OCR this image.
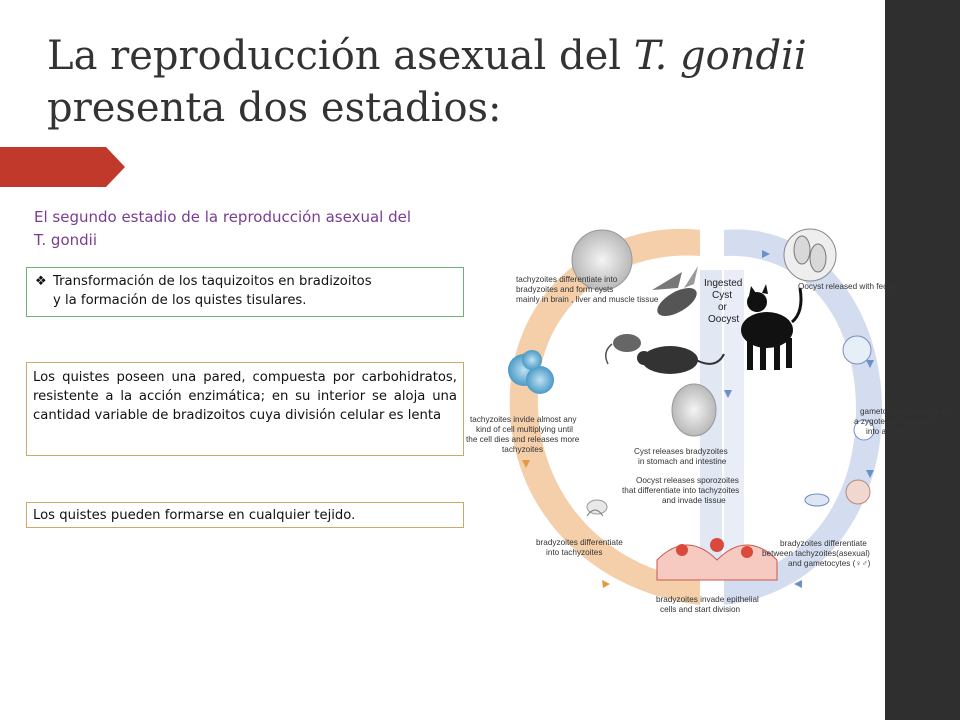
La reproducción asexual del T. gondii
presenta dos estadios:
El segundo estadio de la reproducción asexual del
T. gondii
❖ Transformación de los taquizoitos en bradizoitos
y la formación de los quistes tisulares.
Los quistes poseen una pared, compuesta por carbohidratos, resistente a la acción enzimática; en su interior se aloja una cantidad variable de bradizoitos cuya división celular es lenta
Los quistes pueden formarse en cualquier tejido.
tachyzoites differentiate into bradyzoites and form cysts mainly in brain , liver and muscle tissue
tachyzoites invide almost any kind of cell multiplying until the cell dies and releases more tachyzoites
bradyzoites differentiate into tachyzoites
Ingested Cyst or Oocyst
Cyst releases bradyzoites in stomach and intestine
Oocyst releases sporozoites that differentiate into tachyzoites and invade tissue
Oocyst released with feces
gametocytes fuse to form a zygote that matures into an oocyst
bradyzoites differentiate between tachyzoites(asexual) and gametocytes (♀♂)
bradyzoites invade epithelial cells and start division
